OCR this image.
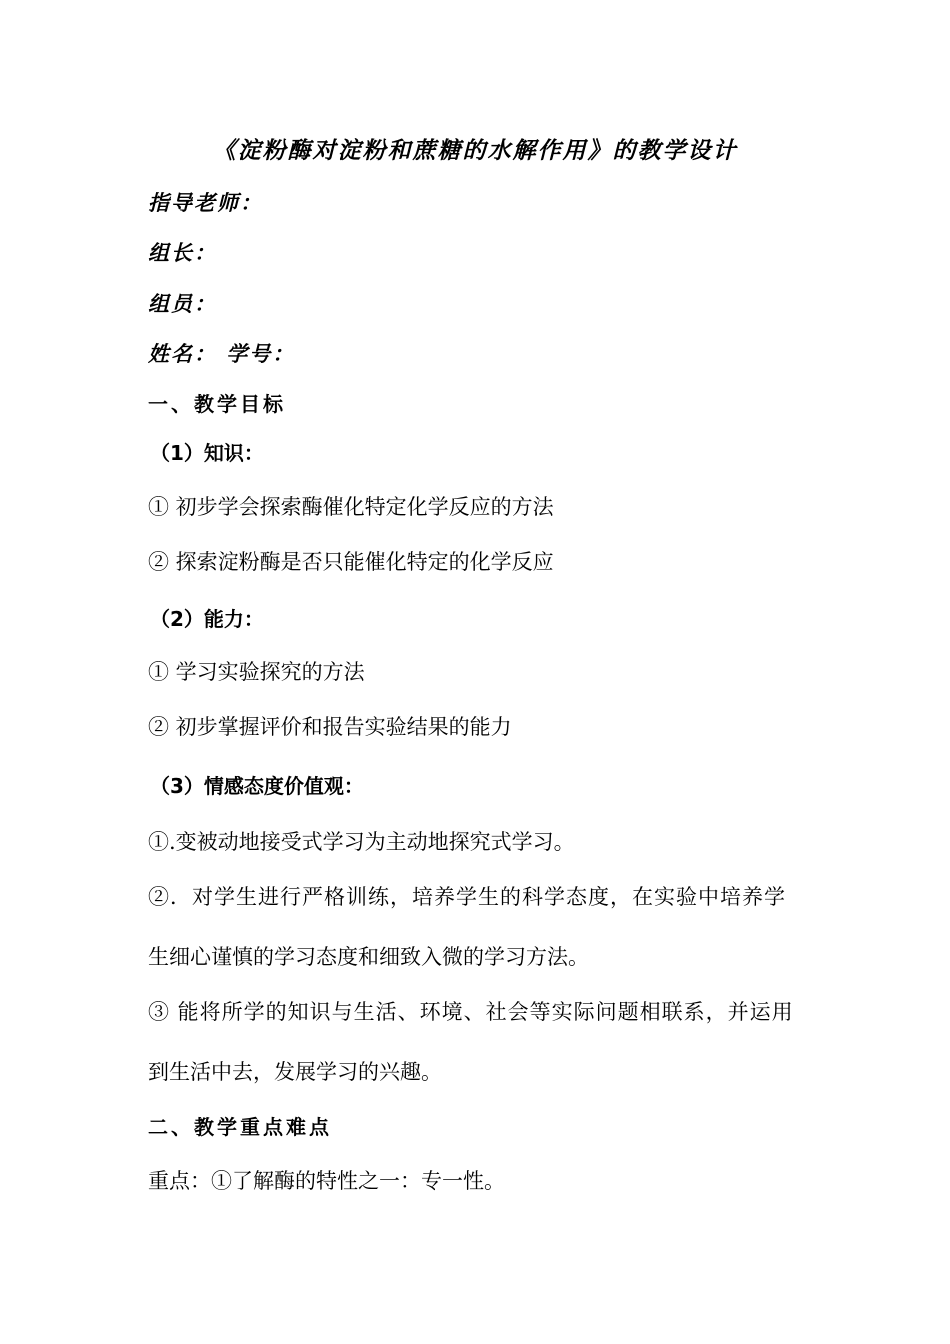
《淀粉酶对淀粉和蔗糖的水解作用》的教学设计
指导老师：
组长：
组员：
姓名： 学号：
一、教学目标
（1）知识：
① 初步学会探索酶催化特定化学反应的方法
② 探索淀粉酶是否只能催化特定的化学反应
（2）能力：
① 学习实验探究的方法
② 初步掌握评价和报告实验结果的能力
（3）情感态度价值观：
①.变被动地接受式学习为主动地探究式学习。
②．对学生进行严格训练，培养学生的科学态度，在实验中培养学
生细心谨慎的学习态度和细致入微的学习方法。
③ 能将所学的知识与生活、环境、社会等实际问题相联系，并运用
到生活中去，发展学习的兴趣。
二、教学重点难点
重点：①了解酶的特性之一：专一性。
